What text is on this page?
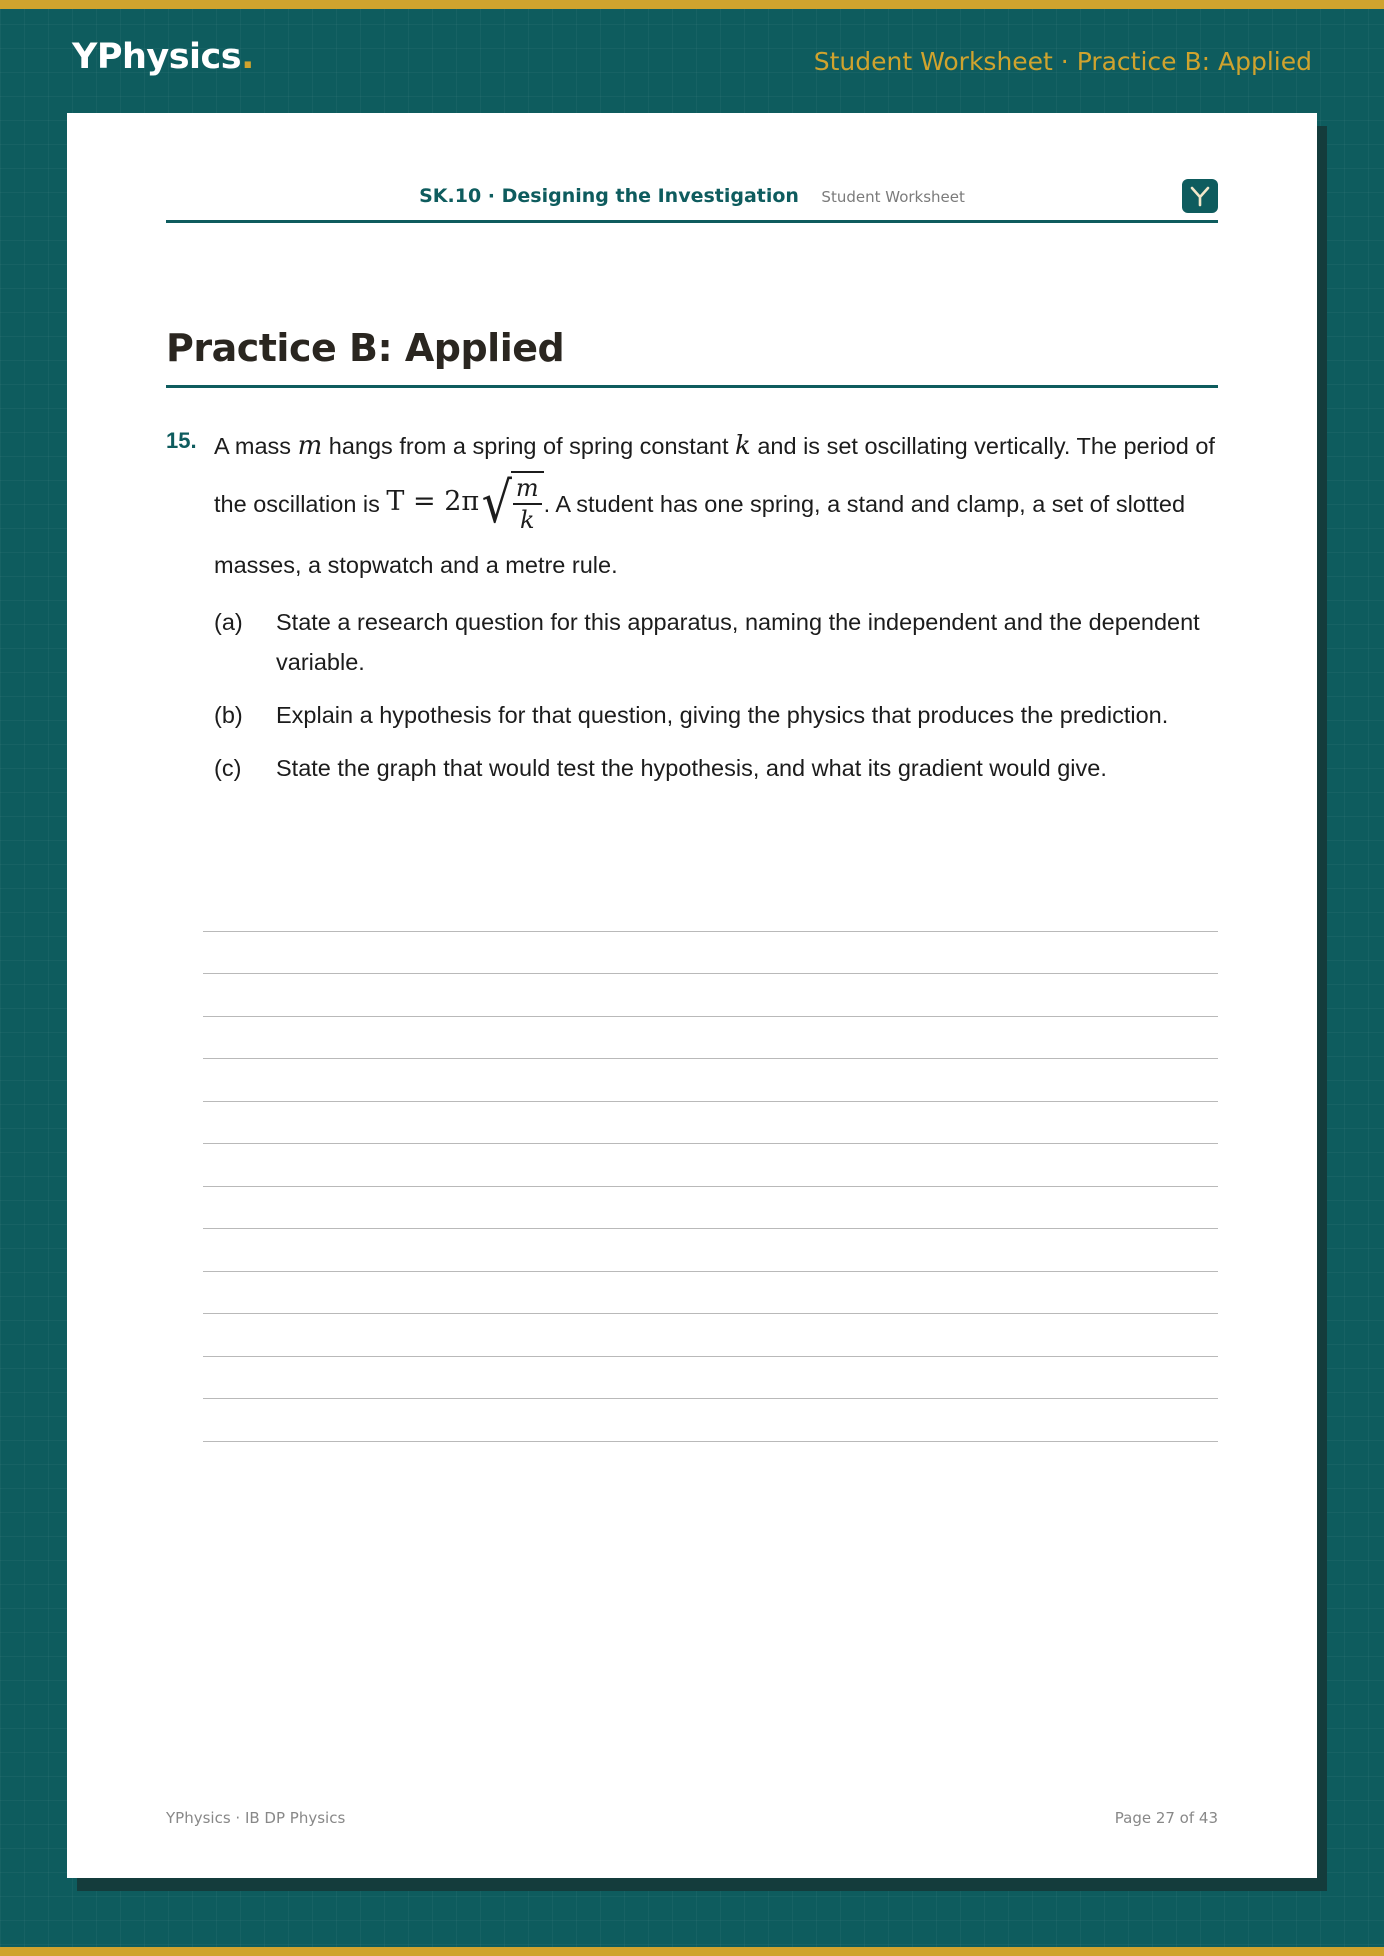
YPhysics.	Student Worksheet · Practice B: Applied
SK.10 · Designing the Investigation Student Worksheet
Practice B: Applied
15. A mass m hangs from a spring of spring constant k and is set oscillating vertically. The period of the oscillation is T = 2π √ $\frac{m}{k}$ . A student has one spring, a stand and clamp, a set of slotted masses, a stopwatch and a metre rule.

(a) State a research question for this apparatus, naming the independent and the dependent variable.
(b) Explain a hypothesis for that question, giving the physics that produces the prediction.
(c) State the graph that would test the hypothesis, and what its gradient would give.
YPhysics · IB DP Physics	Page 27 of 43
